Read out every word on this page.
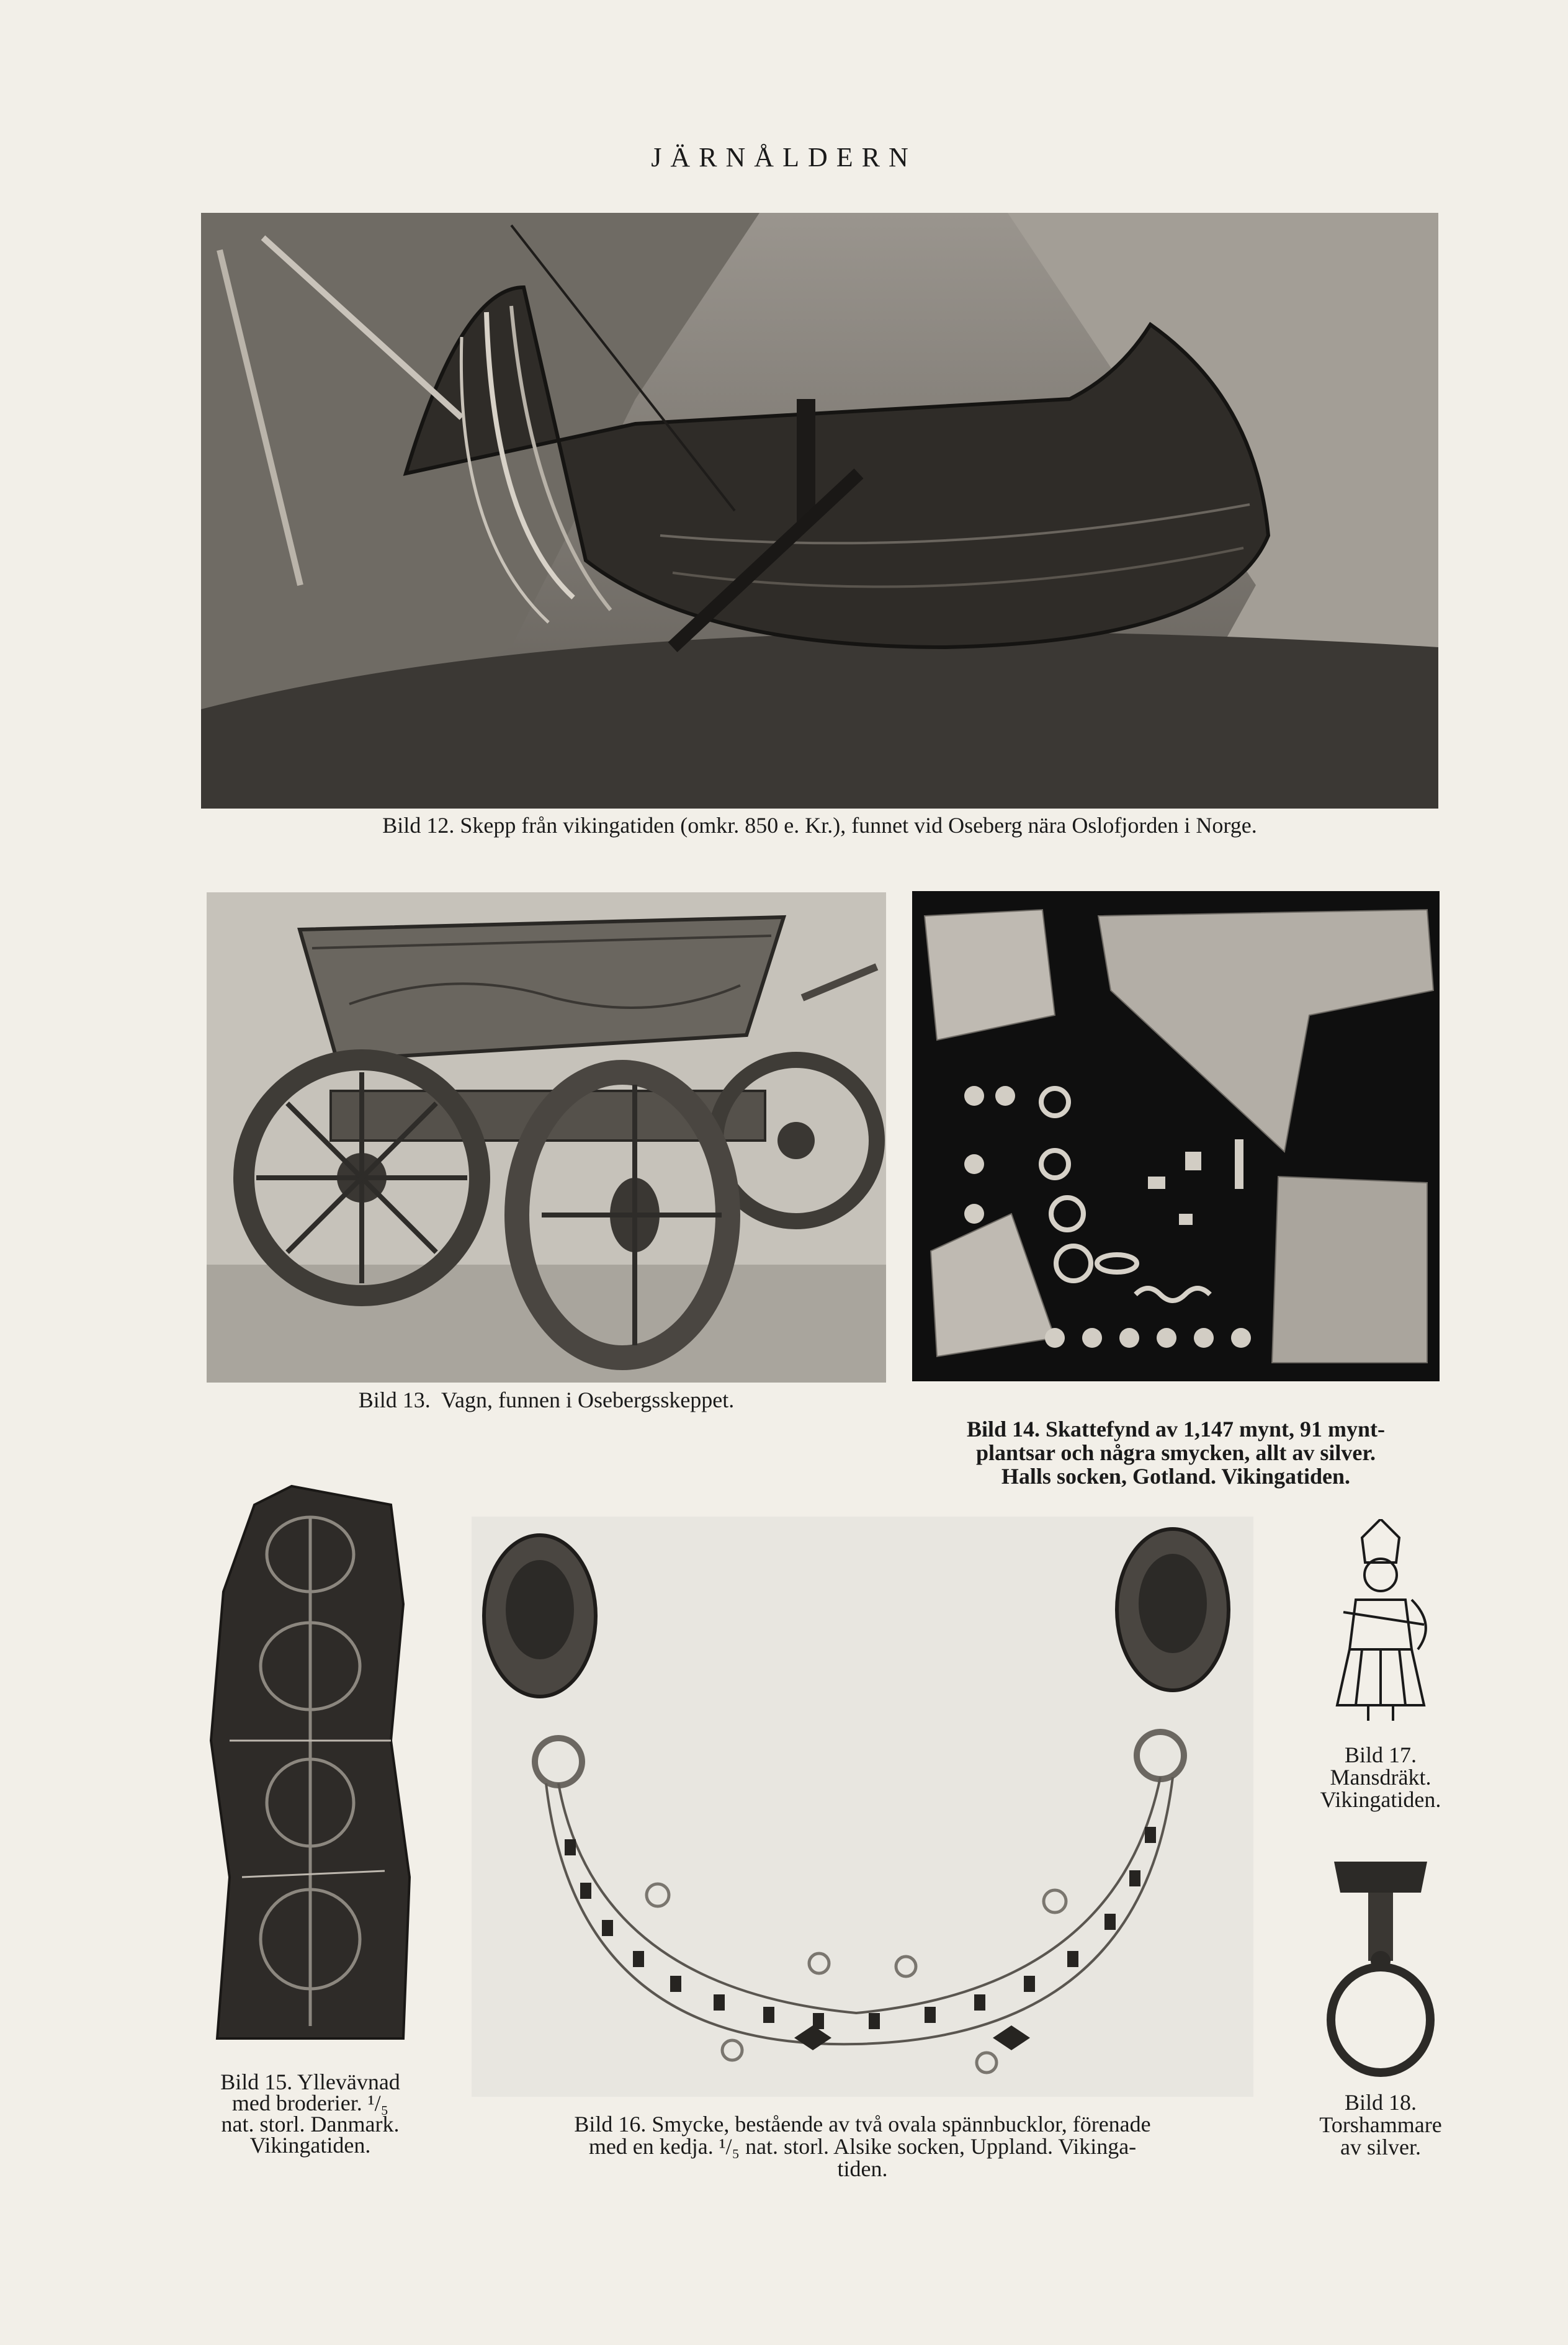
JÄRNÅLDERN
Bild 12. Skepp från vikingatiden (omkr. 850 e. Kr.), funnet vid Oseberg nära Oslofjorden i Norge.
Bild 13.  Vagn, funnen i Osebergsskeppet.
Bild 14. Skattefynd av 1,147 mynt, 91 mynt-
plantsar och några smycken, allt av silver.
Halls socken, Gotland. Vikingatiden.
Bild 15. Yllevävnad
med broderier. ¹/₅
nat. storl. Danmark.
Vikingatiden.
Bild 16. Smycke, bestående av två ovala spännbucklor, förenade
med en kedja. ¹/₅ nat. storl. Alsike socken, Uppland. Vikinga-
tiden.
Bild 17.
Mansdräkt.
Vikingatiden.
Bild 18.
Torshammare
av silver.
